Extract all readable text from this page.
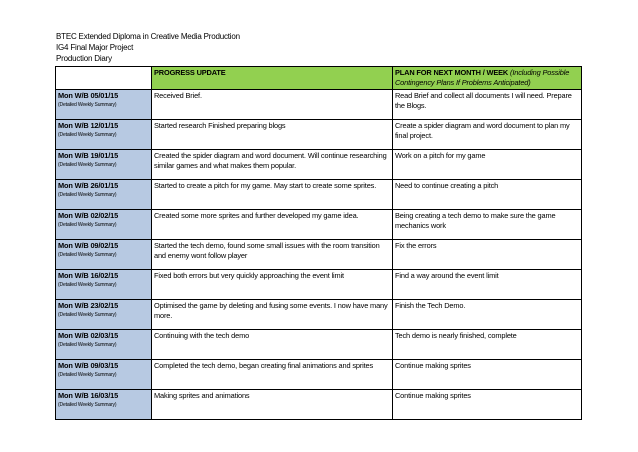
BTEC Extended Diploma in Creative Media Production
IG4 Final Major Project
Production Diary
	PROGRESS UPDATE	PLAN FOR NEXT MONTH / WEEK (Including Possible Contingency Plans If Problems Anticipated)

Mon W/B 05/01/15
(Detailed Weekly Summary)	Received Brief.	Read Brief and collect all documents I will need. Prepare the Blogs.

Mon W/B 12/01/15
(Detailed Weekly Summary)	Started research Finished preparing blogs	Create a spider diagram and word document to plan my final project.

Mon W/B 19/01/15
(Detailed Weekly Summary)	Created the spider diagram and word document. Will continue researching similar games and what makes them popular.	Work on a pitch for my game

Mon W/B 26/01/15
(Detailed Weekly Summary)	Started to create a pitch for my game. May start to create some sprites.	Need to continue creating a pitch

Mon W/B 02/02/15
(Detailed Weekly Summary)	Created some more sprites and further developed my game idea.	Being creating a tech demo to make sure the game mechanics work

Mon W/B 09/02/15
(Detailed Weekly Summary)	Started the tech demo, found some small issues with the room transition and enemy wont follow player	Fix the errors

Mon W/B 16/02/15
(Detailed Weekly Summary)	Fixed both errors but very quickly approaching the event limit	Find a way around the event limit

Mon W/B 23/02/15
(Detailed Weekly Summary)	Optimised the game by deleting and fusing some events. I now have many more.	Finish the Tech Demo.

Mon W/B 02/03/15
(Detailed Weekly Summary)	Continuing with the tech demo	Tech demo is nearly finished, complete

Mon W/B 09/03/15
(Detailed Weekly Summary)	Completed the tech demo, began creating final animations and sprites	Continue making sprites

Mon W/B 16/03/15
(Detailed Weekly Summary)	Making sprites and animations	Continue making sprites
